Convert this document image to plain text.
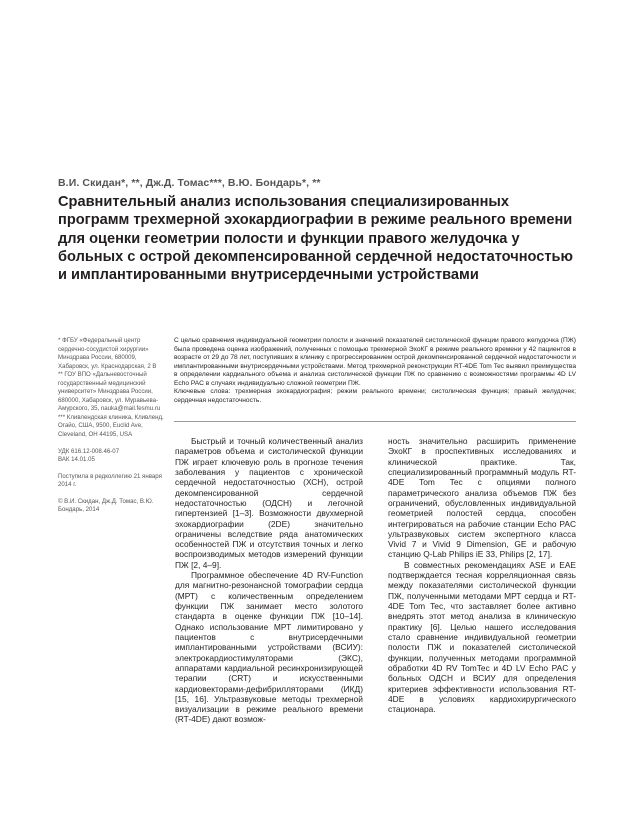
В.И. Скидан*, **, Дж.Д. Томас***, В.Ю. Бондарь*, **
Сравнительный анализ использования специализированных программ трехмерной эхокардиографии в режиме реального времени для оценки геометрии полости и функции правого желудочка у больных с острой декомпенсированной сердечной недостаточностью и имплантированными внутрисердечными устройствами

* ФГБУ «Федеральный центр сердечно-сосудистой хирургии» Минздрава России, 680009, Хабаровск, ул. Краснодарская, 2 В

** ГОУ ВПО «Дальневосточный государственный медицинский университет» Минздрава России, 680000, Хабаровск, ул. Муравьева-Амурского, 35, nauka@mail.fesmu.ru

*** Кливлендская клиника, Кливленд, Огайо, США, 9500, Euclid Ave, Cleveland, OH 44195, USA

УДК 616.12-008.46-07

ВАК 14.01.05

Поступила в редколлегию 21 января 2014 г.

© В.И. Скидан, Дж.Д. Томас, В.Ю. Бондарь, 2014

С целью сравнения индивидуальной геометрии полости и значений показателей систолической функции правого желудочка (ПЖ) была проведена оценка изображений, полученных с помощью трехмерной ЭхоКГ в режиме реального времени у 42 пациентов в возрасте от 29 до 78 лет, поступивших в клинику с прогрессированием острой декомпенсированной сердечной недостаточности и имплантированными внутрисердечными устройствами. Метод трехмерной реконструкции RT-4DE Tom Tec выявил преимущества в определении кардиального объема и анализа систолической функции ПЖ по сравнению с возможностями программы 4D LV Echo PAC в случаях индивидуально сложной геометрии ПЖ.

Ключевые слова: трехмерная эхокардиография; режим реального времени; систолическая функция; правый желудочек; сердечная недостаточность.

Быстрый и точный количественный анализ параметров объема и систолической функции ПЖ играет ключевую роль в прогнозе течения заболевания у пациентов с хронической сердечной недостаточностью (ХСН), острой декомпенсированной сердечной недостаточностью (ОДСН) и легочной гипертензией [1–3]. Возможности двухмерной эхокардиографии (2DE) значительно ограничены вследствие ряда анатомических особенностей ПЖ и отсутствия точных и легко воспроизводимых методов измерений функции ПЖ [2, 4–9].

Программное обеспечение 4D RV-Function для магнитно-резонансной томографии сердца (МРТ) с количественным определением функции ПЖ занимает место золотого стандарта в оценке функции ПЖ [10–14]. Однако использование МРТ лимитировано у пациентов с внутрисердечными имплантированными устройствами (ВСИУ): электрокардиостимуляторами (ЭКС), аппаратами кардиальной ресинхронизирующей терапии (CRT) и искусственными кардиовекторами-дефибрилляторами (ИКД) [15, 16]. Ультразвуковые методы трехмерной визуализации в режиме реального времени (RT-4DE) дают возмож-

ность значительно расширить применение ЭхоКГ в проспективных исследованиях и клинической практике. Так, специализированный программный модуль RT-4DE Tom Tec с опциями полного параметрического анализа объемов ПЖ без ограничений, обусловленных индивидуальной геометрией полостей сердца, способен интегрироваться на рабочие станции Echo PAC ультразвуковых систем экспертного класса Vivid 7 и Vivid 9 Dimension, GE и рабочую станцию Q-Lab Philips iE 33, Philips [2, 17].

В совместных рекомендациях ASE и EAE подтверждается тесная корреляционная связь между показателями систолической функции ПЖ, полученными методами МРТ сердца и RT-4DE Tom Tec, что заставляет более активно внедрять этот метод анализа в клиническую практику [6]. Целью нашего исследования стало сравнение индивидуальной геометрии полости ПЖ и показателей систолической функции, полученных методами программной обработки 4D RV TomTec и 4D LV Echo PAC у больных ОДСН и ВСИУ для определения критериев эффективности использования RT-4DE в условиях кардиохирургического стационара.
